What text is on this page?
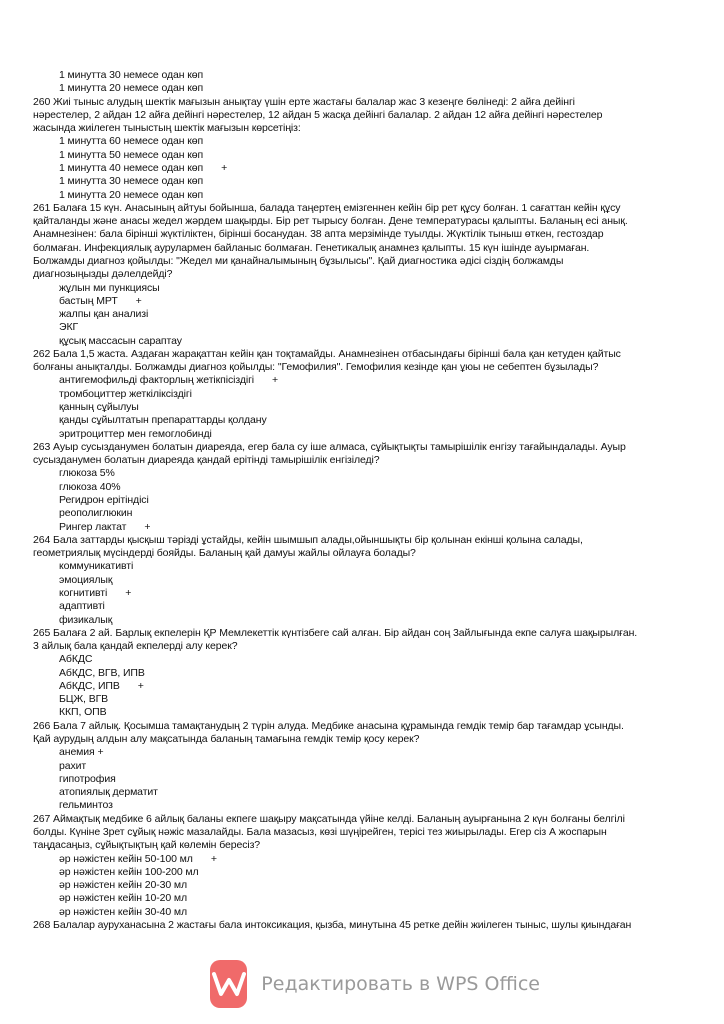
1 минутта 30 немесе одан көп
1 минутта 20 немесе одан көп
260 Жиі тыныс алудың шектік мағызын анықтау үшін ерте жастағы балалар жас 3 кезеңге бөлінеді: 2 айға дейінгі
нәрестелер, 2 айдан 12 айға дейінгі нәрестелер, 12 айдан 5 жасқа дейінгі балалар. 2 айдан 12 айға дейінгі нәрестелер
жасында жиілеген тыныстың шектік мағызын көрсетіңіз:
1 минутта 60 немесе одан көп
1 минутта 50 немесе одан көп
1 минутта 40 немесе одан көп +
1 минутта 30 немесе одан көп
1 минутта 20 немесе одан көп
261 Балаға 15 күн. Анасының айтуы бойынша, балада таңертең емізгеннен кейін бір рет құсу болған. 1 сағаттан кейін құсу
қайталанды және анасы жедел жәрдем шақырды. Бір рет тырысу болған. Дене температурасы қалыпты. Баланың есі анық.
Анамнезінен: бала бірінші жүктіліктен, бірінші босанудан. 38 апта мерзімінде туылды. Жүктілік тыныш өткен, гестоздар
болмаған. Инфекциялық аурулармен байланыс болмаған. Генетикалық анамнез қалыпты. 15 күн ішінде ауырмаған.
Болжамды диагноз қойылды: "Жедел ми қанайналымының бұзылысы". Қай диагностика әдісі сіздің болжамды
диагнозыңызды дәлелдейді?
жұлын ми пункциясы
бастың МРТ +
жалпы қан анализі
ЭКГ
құсық массасын сараптау
262 Бала 1,5 жаста. Аздаған жарақаттан кейін қан тоқтамайды. Анамнезінен отбасындағы бірінші бала қан кетуден қайтыс
болғаны анықталды. Болжамды диагноз қойылды: "Гемофилия". Гемофилия кезінде қан ұюы не себептен бұзылады?
антигемофильді факторлың жетікпісіздігі +
тромбоциттер жеткіліксіздігі
қанның сұйылуы
қанды сұйылтатын препараттарды қолдану
эритроциттер мен гемоглобинді
263 Ауыр сусызданумен болатын диареяда, егер бала су іше алмаса, сұйықтықты тамырішілік енгізу тағайындалады. Ауыр
сусызданумен болатын диареяда қандай ерітінді тамырішілік енгізіледі?
глюкоза 5%
глюкоза 40%
Регидрон ерітіндісі
реополиглюкин
Рингер лактат +
264 Бала заттарды қысқыш тәрізді ұстайды, кейін шымшып алады,ойыншықты бір қолынан екінші қолына салады,
геометриялық мүсіндерді бояйды. Баланың қай дамуы жайлы ойлауға болады?
коммуникативті
эмоциялық
когнитивті +
адаптивті
физикалық
265 Балаға 2 ай. Барлық екпелерін ҚР Мемлекеттік күнтізбеге сай алған. Бір айдан соң 3айлығында екпе салуға шақырылған.
3 айлық бала қандай екпелерді алу керек?
АбКДС
АбКДС, ВГВ, ИПВ
АбКДС, ИПВ +
БЦЖ, ВГВ
ККП, ОПВ
266 Бала 7 айлық. Қосымша тамақтанудың 2 түрін алуда. Медбике анасына құрамында гемдік темір бар тағамдар ұсынды.
Қай аурудың алдын алу мақсатында баланың тамағына гемдік темір қосу керек?
анемия +
рахит
гипотрофия
атопиялық дерматит
гельминтоз
267 Аймақтық медбике 6 айлық баланы екпеге шақыру мақсатында үйіне келді. Баланың ауырғанына 2 күн болғаны белгілі
болды. Күніне 3рет сұйық нәжіс мазалайды. Бала мазасыз, көзі шүңірейген, терісі тез жиырылады. Егер сіз А жоспарын
таңдасаңыз, сұйықтықтың қай көлемін бересіз?
әр нәжістен кейін 50-100 мл +
әр нәжістен кейін 100-200 мл
әр нәжістен кейін 20-30 мл
әр нәжістен кейін 10-20 мл
әр нәжістен кейін 30-40 мл
268 Балалар ауруханасына 2 жастағы бала интоксикация, қызба, минутына 45 ретке дейін жиілеген тыныс, шулы қиындаған
Редактировать в WPS Office
